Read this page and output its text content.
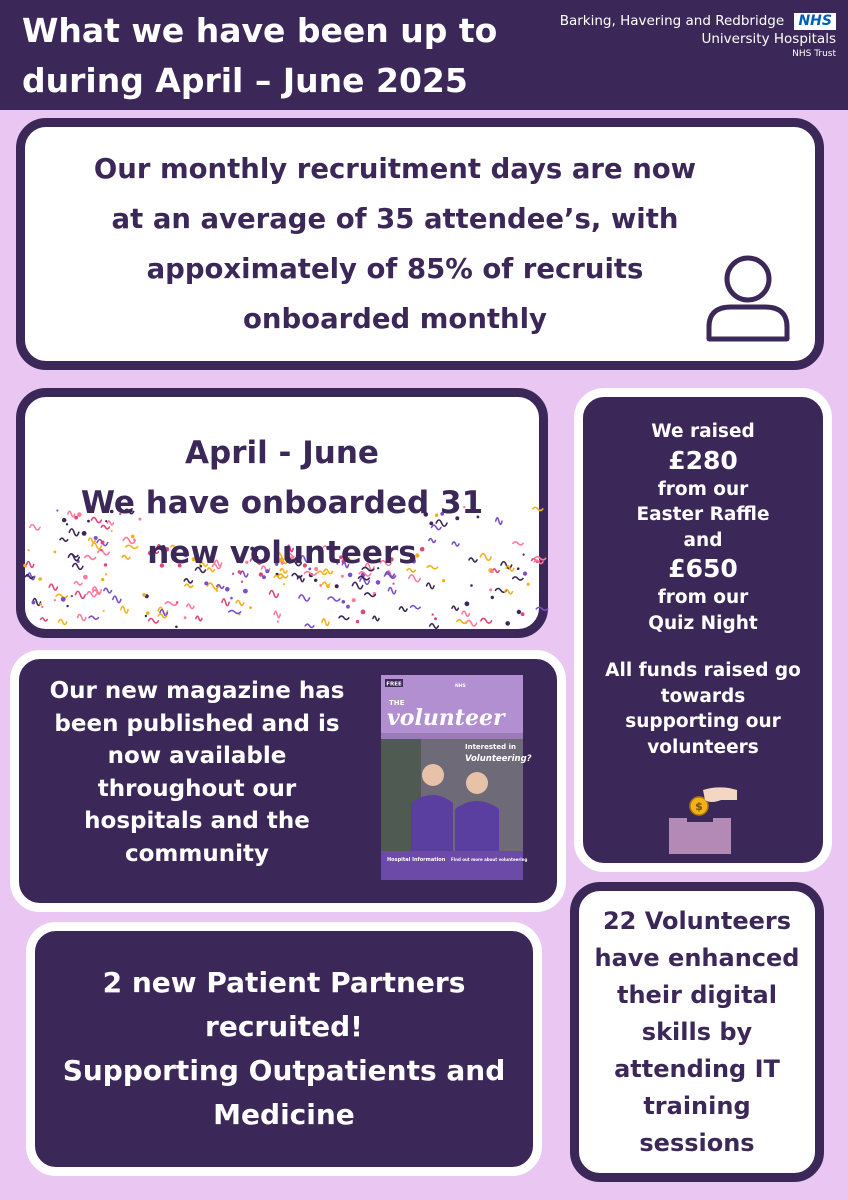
What we have been up to
during April – June 2025
Barking, Havering and Redbridge NHS
University Hospitals
NHS Trust
Our monthly recruitment days are now
at an average of 35 attendee’s, with
appoximately of 85% of recruits
onboarded monthly
April - June
We have onboarded 31
new volunteers
We raised
£280
from our
Easter Raffle
and
£650
from our
Quiz Night
All funds raised go
towards
supporting our
volunteers
$
Our new magazine has
been published and is
now available
throughout our
hospitals and the
community
FREE	NHS
THE
volunteer
Interested in
Volunteering?
Hospital Information Find out more about volunteering
2 new Patient Partners
recruited!
Supporting Outpatients and
Medicine
22 Volunteers
have enhanced
their digital
skills by
attending IT
training
sessions
